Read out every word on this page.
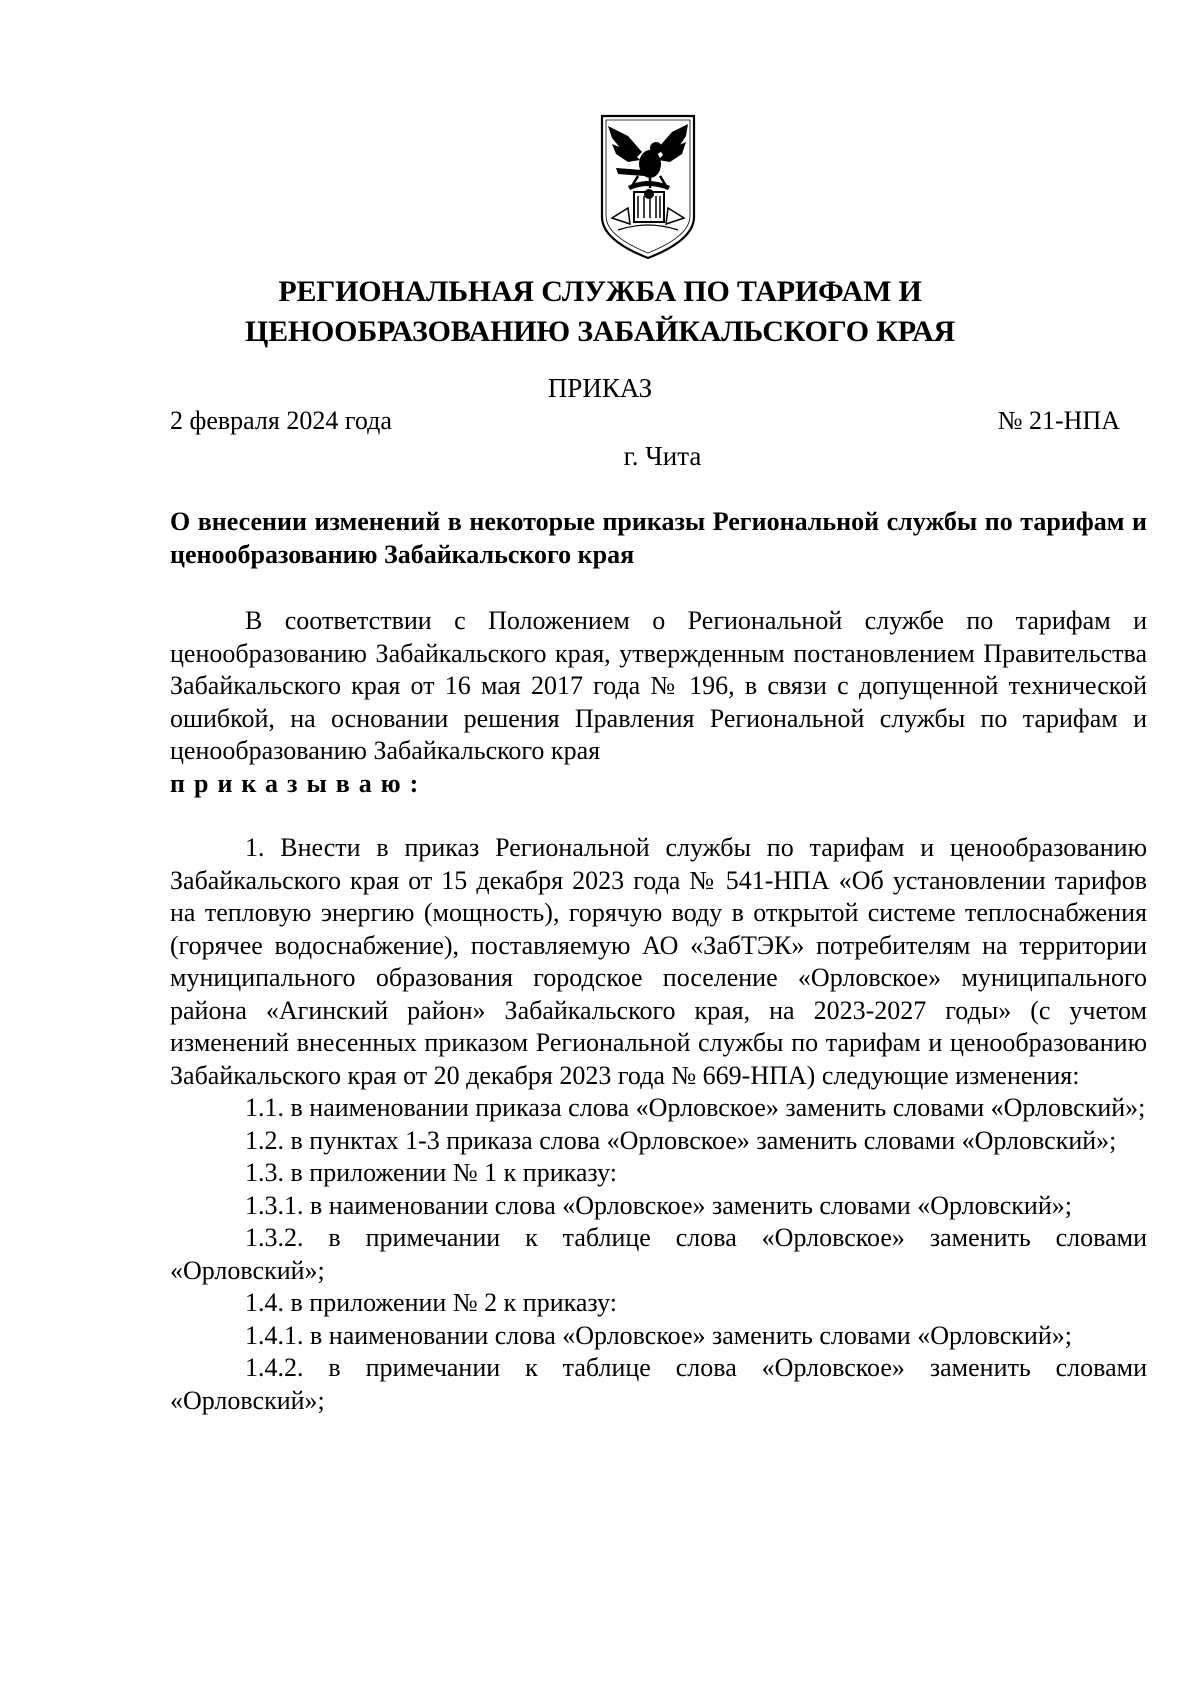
РЕГИОНАЛЬНАЯ СЛУЖБА ПО ТАРИФАМ И
ЦЕНООБРАЗОВАНИЮ ЗАБАЙКАЛЬСКОГО КРАЯ
ПРИКАЗ
2 февраля 2024 года	№ 21-НПА
г. Чита
О внесении изменений в некоторые приказы Региональной службы по тарифам и ценообразованию Забайкальского края

В соответствии с Положением о Региональной службе по тарифам и ценообразованию Забайкальского края, утвержденным постановлением Правительства Забайкальского края от 16 мая 2017 года № 196, в связи с допущенной технической ошибкой, на основании решения Правления Региональной службы по тарифам и ценообразованию Забайкальского края

приказываю:

1. Внести в приказ Региональной службы по тарифам и ценообразованию Забайкальского края от 15 декабря 2023 года № 541-НПА «Об установлении тарифов на тепловую энергию (мощность), горячую воду в открытой системе теплоснабжения (горячее водоснабжение), поставляемую АО «ЗабТЭК» потребителям на территории муниципального образования городское поселение «Орловское» муниципального района «Агинский район» Забайкальского края, на 2023-2027 годы» (с учетом изменений внесенных приказом Региональной службы по тарифам и ценообразованию Забайкальского края от 20 декабря 2023 года № 669-НПА) следующие изменения:

1.1. в наименовании приказа слова «Орловское» заменить словами «Орловский»;

1.2. в пунктах 1-3 приказа слова «Орловское» заменить словами «Орловский»;

1.3. в приложении № 1 к приказу:

1.3.1. в наименовании слова «Орловское» заменить словами «Орловский»;

1.3.2. в примечании к таблице слова «Орловское» заменить словами «Орловский»;

1.4. в приложении № 2 к приказу:

1.4.1. в наименовании слова «Орловское» заменить словами «Орловский»;

1.4.2. в примечании к таблице слова «Орловское» заменить словами «Орловский»;
